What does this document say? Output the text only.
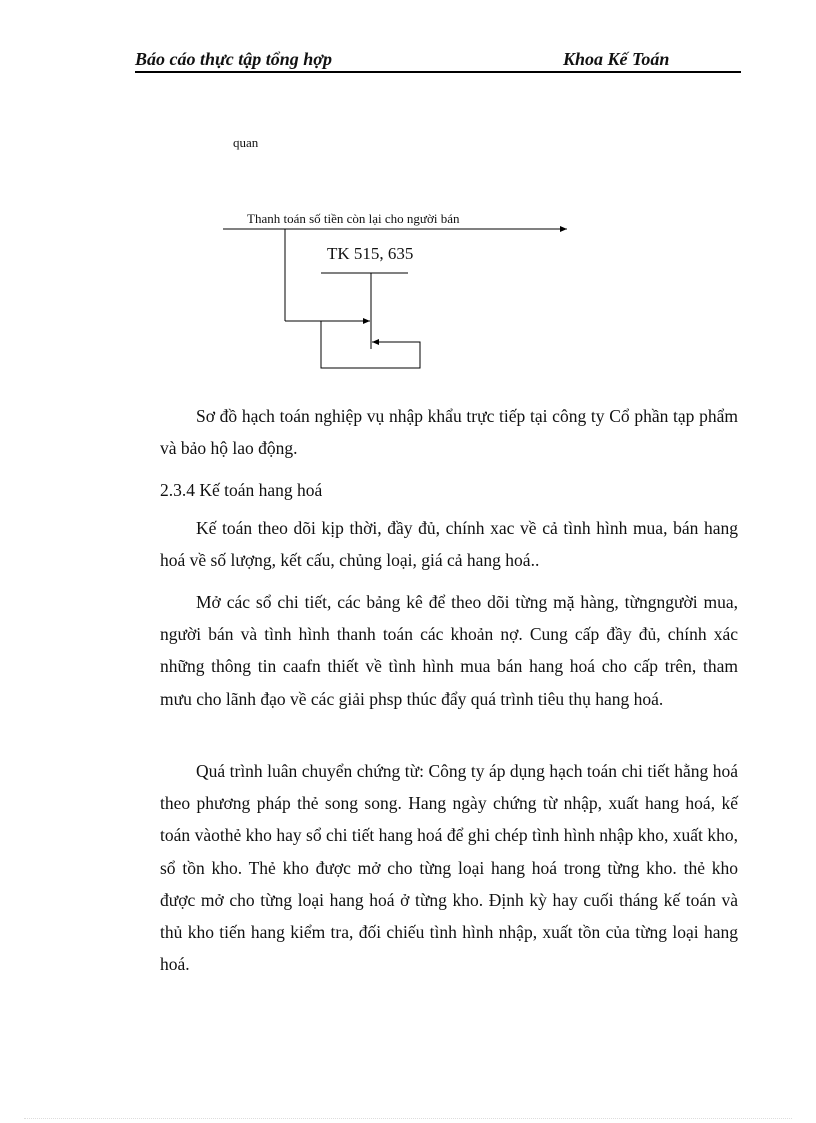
Báo cáo thực tập tổng hợp	Khoa Kế Toán
quan
Thanh toán số tiền còn lại cho người bán
TK 515, 635

Sơ đồ hạch toán nghiệp vụ nhập khẩu trực tiếp tại công ty Cổ phần tạp phẩm và bảo hộ lao động.

2.3.4 Kế toán hang hoá

Kế toán theo dõi kịp thời, đầy đủ, chính xac về cả tình hình mua, bán hang hoá về số lượng, kết cấu, chủng loại, giá cả hang hoá..

Mở các sổ chi tiết, các bảng kê để theo dõi từng mặ hàng, từngngười mua, người bán và tình hình thanh toán các khoản nợ. Cung cấp đầy đủ, chính xác những thông tin caafn thiết về tình hình mua bán hang hoá cho cấp trên, tham mưu cho lãnh đạo về các giải phsp thúc đẩy quá trình tiêu thụ hang hoá.

Quá trình luân chuyển chứng từ: Công ty áp dụng hạch toán chi tiết hằng hoá theo phương pháp thẻ song song. Hang ngày chứng từ nhập, xuất hang hoá, kế toán vàothẻ kho hay sổ chi tiết hang hoá để ghi chép tình hình nhập kho, xuất kho, sổ tồn kho. Thẻ kho được mở cho từng loại hang hoá trong từng kho. thẻ kho được mở cho từng loại hang hoá ở từng kho. Định kỳ hay cuối tháng kế toán và thủ kho tiến hang kiểm tra, đối chiếu tình hình nhập, xuất tồn của từng loại hang hoá.
